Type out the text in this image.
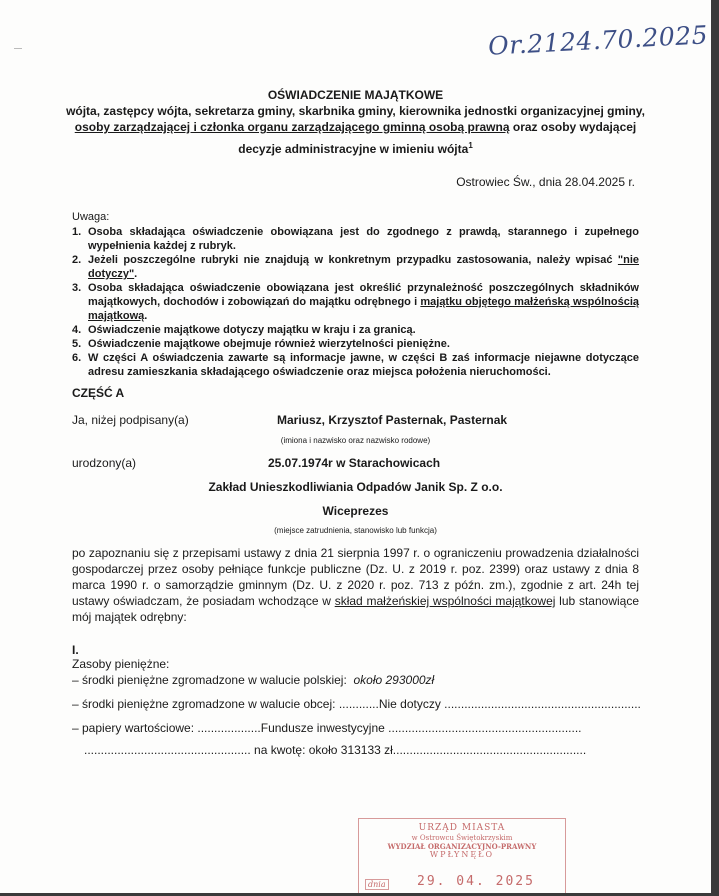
Or.2124.70.2025
OŚWIADCZENIE MAJĄTKOWE
wójta, zastępcy wójta, sekretarza gminy, skarbnika gminy, kierownika jednostki organizacyjnej gminy,
osoby zarządzającej i członka organu zarządzającego gminną osobą prawną oraz osoby wydającej
decyzje administracyjne w imieniu wójta$^1$
Ostrowiec Św., dnia 28.04.2025 r.
Uwaga:
1. Osoba składająca oświadczenie obowiązana jest do zgodnego z prawdą, starannego i zupełnego wypełnienia każdej z rubryk.
2. Jeżeli poszczególne rubryki nie znajdują w konkretnym przypadku zastosowania, należy wpisać "nie dotyczy".
3. Osoba składająca oświadczenie obowiązana jest określić przynależność poszczególnych składników majątkowych, dochodów i zobowiązań do majątku odrębnego i majątku objętego małżeńską wspólnością majątkową.
4. Oświadczenie majątkowe dotyczy majątku w kraju i za granicą.
5. Oświadczenie majątkowe obejmuje również wierzytelności pieniężne.
6. W części A oświadczenia zawarte są informacje jawne, w części B zaś informacje niejawne dotyczące adresu zamieszkania składającego oświadczenie oraz miejsca położenia nieruchomości.
CZĘŚĆ A
Ja, niżej podpisany(a)	Mariusz, Krzysztof Pasternak, Pasternak
(imiona i nazwisko oraz nazwisko rodowe)
urodzony(a)	25.07.1974r w Starachowicach
Zakład Unieszkodliwiania Odpadów Janik Sp. Z o.o.
Wiceprezes
(miejsce zatrudnienia, stanowisko lub funkcja)
po zapoznaniu się z przepisami ustawy z dnia 21 sierpnia 1997 r. o ograniczeniu prowadzenia działalności gospodarczej przez osoby pełniące funkcje publiczne (Dz. U. z 2019 r. poz. 2399) oraz ustawy z dnia 8 marca 1990 r. o samorządzie gminnym (Dz. U. z 2020 r. poz. 713 z późn. zm.), zgodnie z art. 24h tej ustawy oświadczam, że posiadam wchodzące w skład małżeńskiej wspólności majątkowej lub stanowiące mój majątek odrębny:
I.
Zasoby pieniężne:
– środki pieniężne zgromadzone w walucie polskiej: około 293000zł
– środki pieniężne zgromadzone w walucie obcej: ............Nie dotyczy ...........................................................
– papiery wartościowe: ...................Fundusze inwestycyjne ..........................................................
.................................................. na kwotę: około 313133 zł..........................................................
URZĄD MIASTA
w Ostrowcu Świętokrzyskim
WYDZIAŁ ORGANIZACYJNO-PRAWNY
WPŁYNĘŁO
dnia 29. 04. 2025
